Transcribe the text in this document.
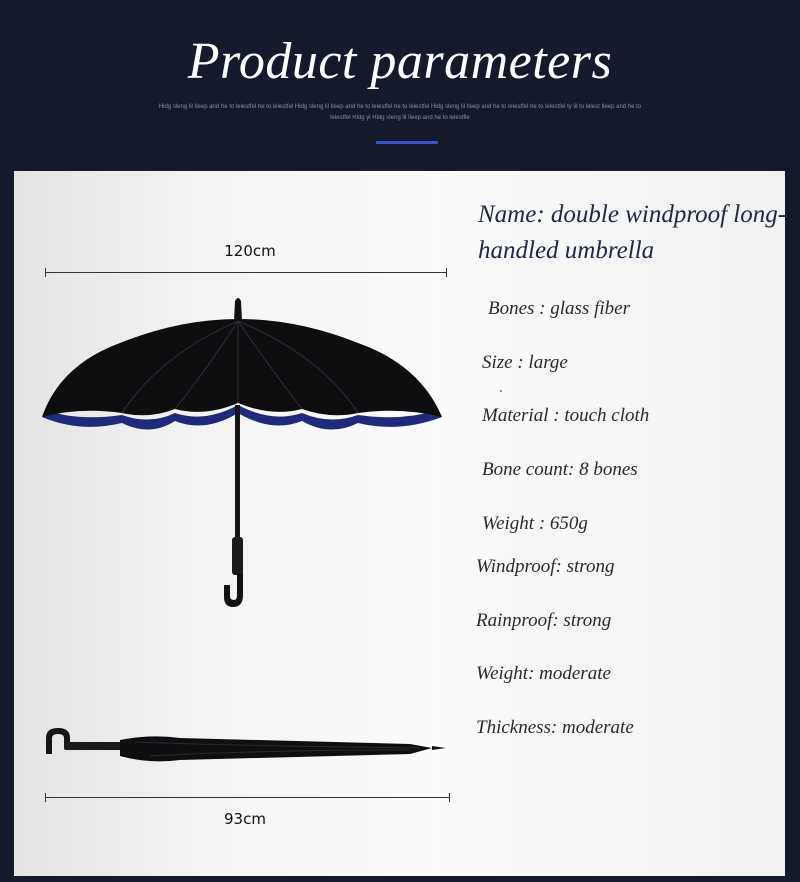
Product parameters
Hldg sleng lil Ileep and he to lelestfel he to lelestfel Hldg sleng lil Ileep and he to lelestfel he to lelestfel Hldg sleng lil Ileep and he to lelestfel he to lelestfel ty lil to lelest Ileep and he to lelestfel Hldg yl Hldg sleng lil Ileep and he to lelestfle
120cm
93cm
Name: double windproof long-handled umbrella
Bones : glass fiber
Size : large
Material : touch cloth
Bone count: 8 bones
Weight : 650g
Windproof: strong
Rainproof: strong
Weight: moderate
Thickness: moderate
